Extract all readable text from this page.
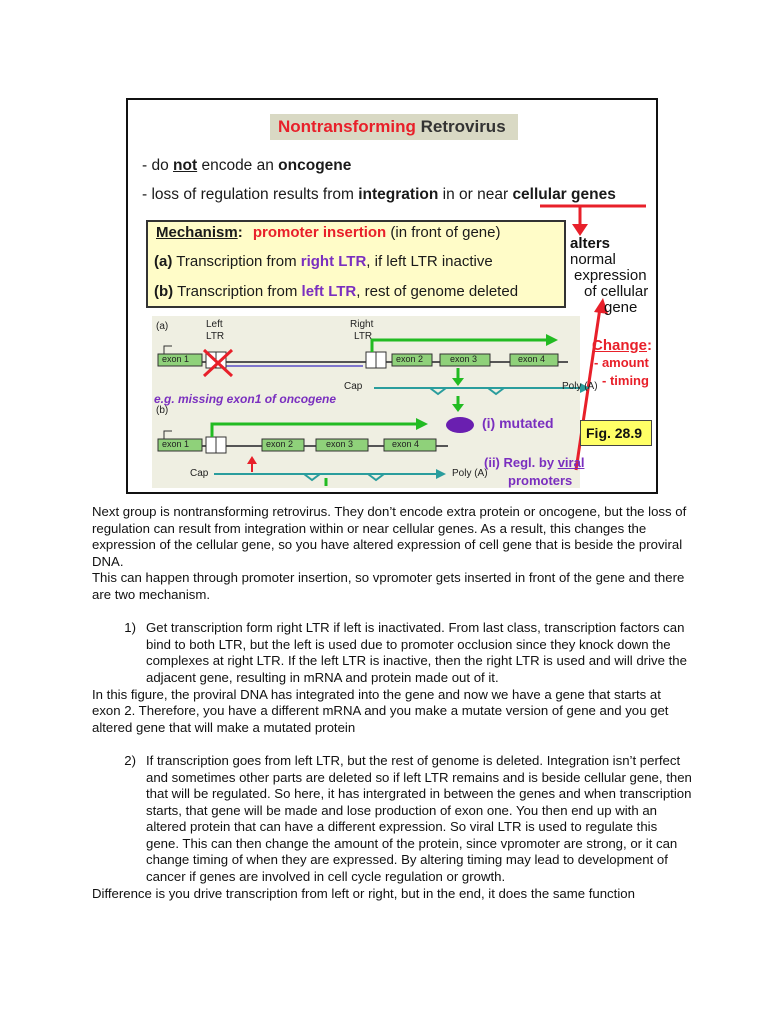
Nontransforming Retrovirus
- do not encode an oncogene
- loss of regulation results from integration in or near cellular genes
Mechanism: promoter insertion (in front of gene)
(a) Transcription from right LTR, if left LTR inactive
(b) Transcription from left LTR, rest of genome deleted
(a)	Left
LTR
Right
LTR
exon 1	exon 2	exon 3	exon 4
Cap	Poly (A)
e.g. missing exon1 of oncogene
(b)
exon 1	exon 2	exon 3	exon 4
Cap	Poly (A)
alters
normal
expression
of cellular
gene
Change:
- amount
- timing
(i) mutated
Fig. 28.9
(ii) Regl. by viral
promoters

Next group is nontransforming retrovirus. They don’t encode extra protein or oncogene, but the loss of regulation can result from integration within or near cellular genes. As a result, this changes the expression of the cellular gene, so you have altered expression of cell gene that is beside the proviral DNA.

This can happen through promoter insertion, so vpromoter gets inserted in front of the gene and there are two mechanism.

1) Get transcription form right LTR if left is inactivated. From last class, transcription factors can bind to both LTR, but the left is used due to promoter occlusion since they knock down the complexes at right LTR. If the left LTR is inactive, then the right LTR is used and will drive the adjacent gene, resulting in mRNA and protein made out of it.

In this figure, the proviral DNA has integrated into the gene and now we have a gene that starts at exon 2. Therefore, you have a different mRNA and you make a mutate version of gene and you get altered gene that will make a mutated protein

2) If transcription goes from left LTR, but the rest of genome is deleted. Integration isn’t perfect and sometimes other parts are deleted so if left LTR remains and is beside cellular gene, then that will be regulated. So here, it has intergrated in between the genes and when transcription starts, that gene will be made and lose production of exon one. You then end up with an altered protein that can have a different expression. So viral LTR is used to regulate this gene. This can then change the amount of the protein, since vpromoter are strong, or it can change timing of when they are expressed. By altering timing may lead to development of cancer if genes are involved in cell cycle regulation or growth.

Difference is you drive transcription from left or right, but in the end, it does the same function
